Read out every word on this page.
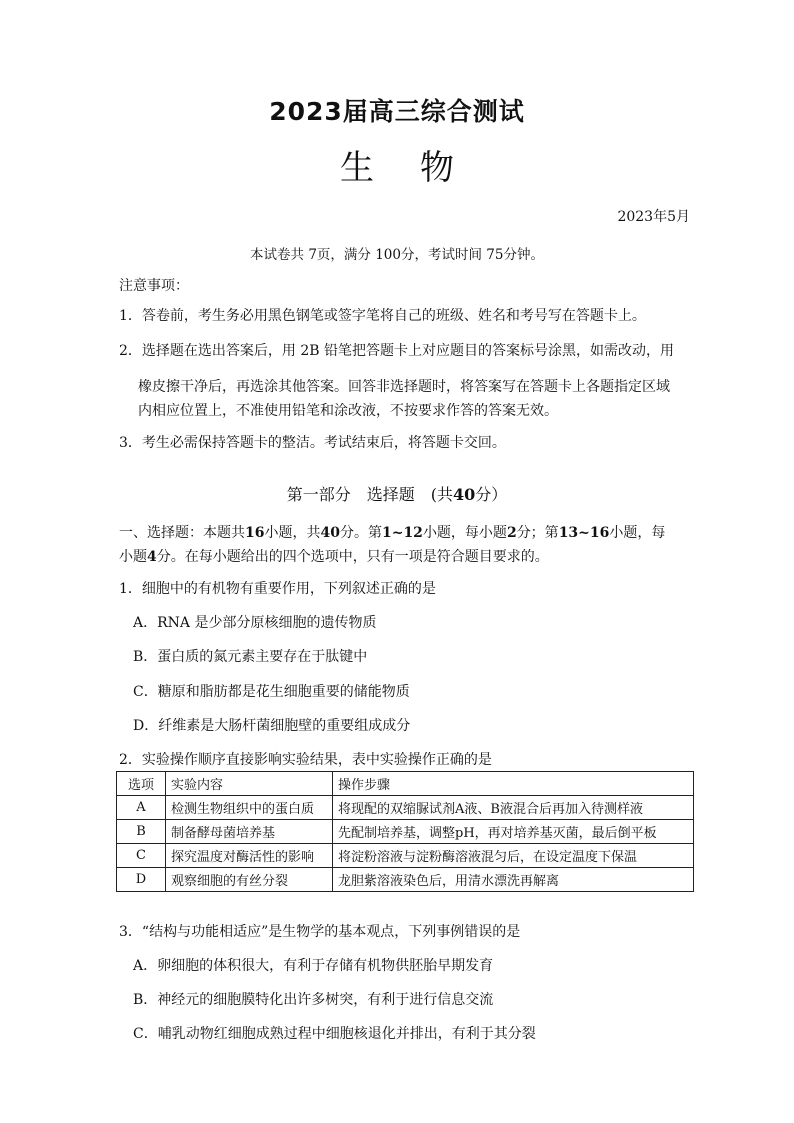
2023届高三综合测试
生物
2023年5月
本试卷共 7页，满分 100分，考试时间 75分钟。
注意事项：
1．答卷前，考生务必用黑色钢笔或签字笔将自己的班级、姓名和考号写在答题卡上。
2．选择题在选出答案后，用 2B 铅笔把答题卡上对应题目的答案标号涂黑，如需改动，用
橡皮擦干净后，再选涂其他答案。回答非选择题时，将答案写在答题卡上各题指定区域
内相应位置上，不准使用铅笔和涂改液，不按要求作答的答案无效。
3．考生必需保持答题卡的整洁。考试结束后，将答题卡交回。
第一部分　选择题　(共40分）
一、选择题：本题共16小题，共40分。第1~12小题，每小题2分；第13~16小题，每
小题4分。在每小题给出的四个选项中，只有一项是符合题目要求的。
1．细胞中的有机物有重要作用，下列叙述正确的是
A．RNA 是少部分原核细胞的遗传物质
B．蛋白质的氮元素主要存在于肽键中
C．糖原和脂肪都是花生细胞重要的储能物质
D．纤维素是大肠杆菌细胞壁的重要组成成分
2．实验操作顺序直接影响实验结果，表中实验操作正确的是
选项	实验内容	操作步骤
A	检测生物组织中的蛋白质	将现配的双缩脲试剂A液、B液混合后再加入待测样液
B	制备酵母菌培养基	先配制培养基，调整pH，再对培养基灭菌，最后倒平板
C	探究温度对酶活性的影响	将淀粉溶液与淀粉酶溶液混匀后，在设定温度下保温
D	观察细胞的有丝分裂	龙胆紫溶液染色后，用清水漂洗再解离
3．“结构与功能相适应”是生物学的基本观点，下列事例错误的是
A．卵细胞的体积很大，有利于存储有机物供胚胎早期发育
B．神经元的细胞膜特化出许多树突，有利于进行信息交流
C．哺乳动物红细胞成熟过程中细胞核退化并排出，有利于其分裂
